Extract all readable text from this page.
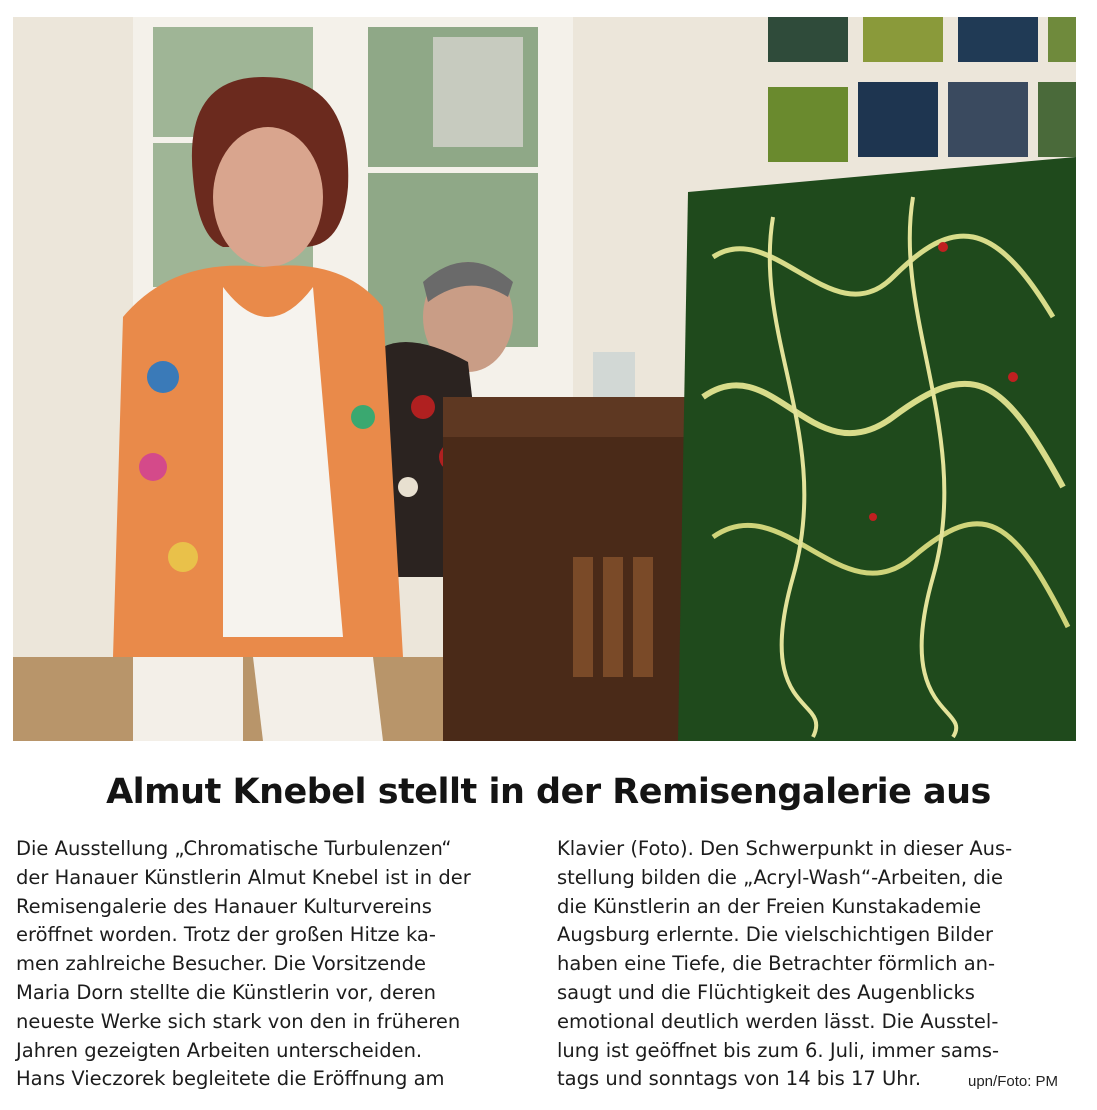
Almut Knebel stellt in der Remisengalerie aus

Die Ausstellung „Chromatische Turbulenzen“

der Hanauer Künstlerin Almut Knebel ist in der

Remisengalerie des Hanauer Kulturvereins

eröffnet worden. Trotz der großen Hitze ka-

men zahlreiche Besucher. Die Vorsitzende

Maria Dorn stellte die Künstlerin vor, deren

neueste Werke sich stark von den in früheren

Jahren gezeigten Arbeiten unterscheiden.

Hans Vieczorek begleitete die Eröffnung am

Klavier (Foto). Den Schwerpunkt in dieser Aus-

stellung bilden die „Acryl-Wash“-Arbeiten, die

die Künstlerin an der Freien Kunstakademie

Augsburg erlernte. Die vielschichtigen Bilder

haben eine Tiefe, die Betrachter förmlich an-

saugt und die Flüchtigkeit des Augenblicks

emotional deutlich werden lässt. Die Ausstel-

lung ist geöffnet bis zum 6. Juli, immer sams-

tags und sonntags von 14 bis 17 Uhr.	upn/Foto: PM
